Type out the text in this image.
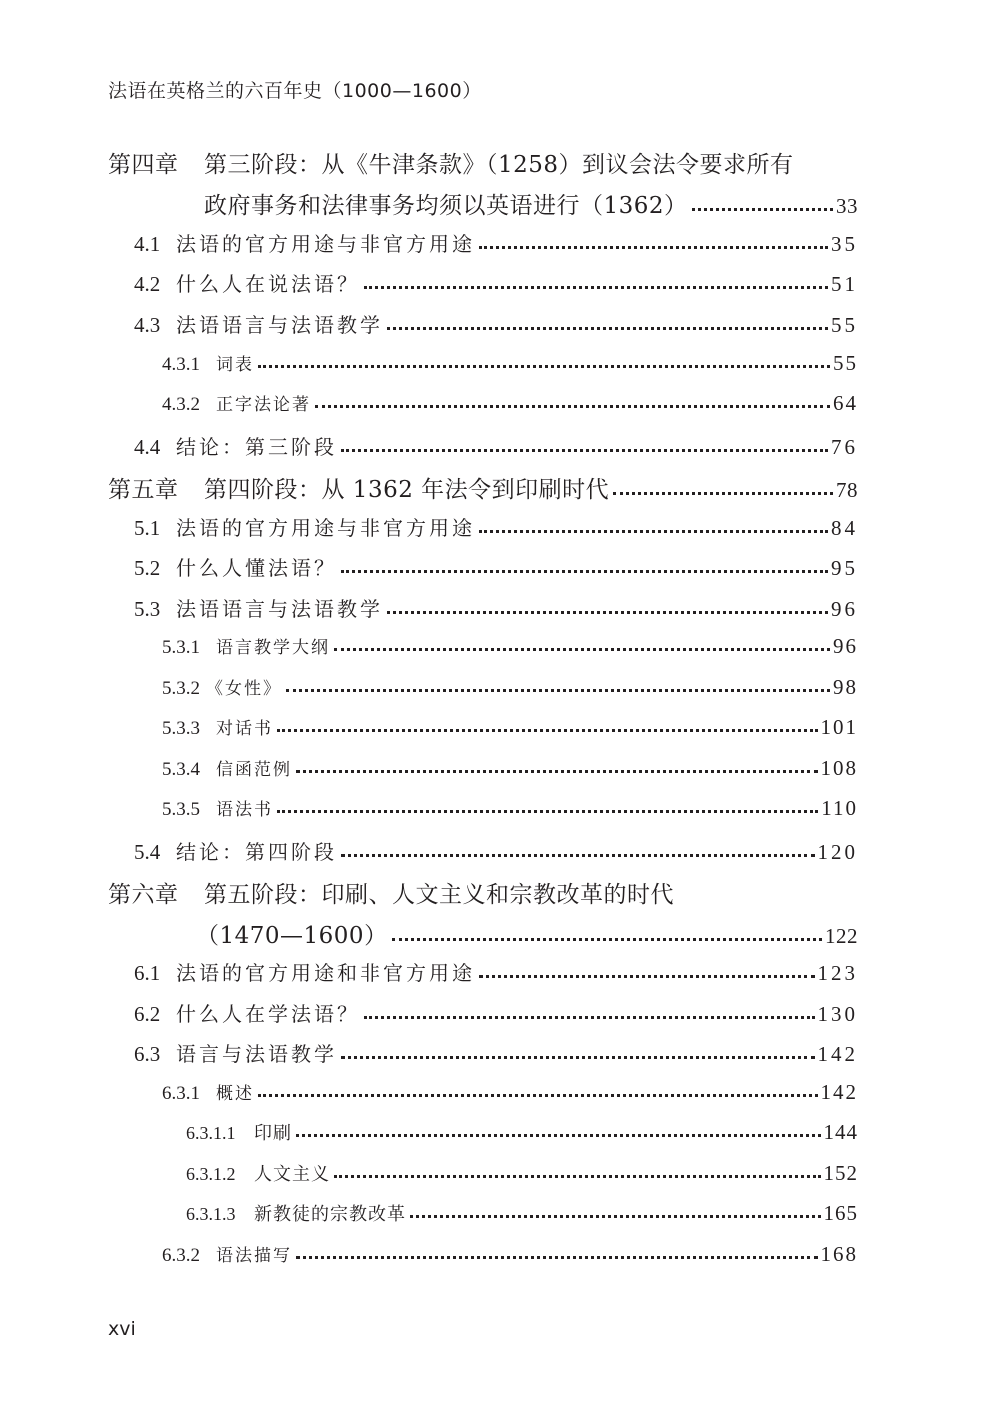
法语在英格兰的六百年史（1000—1600）
第四章	第三阶段：从《牛津条款》（1258）到议会法令要求所有
政府事务和法律事务均须以英语进行（1362）	33
4.1 法语的官方用途与非官方用途	35
4.2 什么人在说法语？	51
4.3 法语语言与法语教学	55
4.3.1 词表	55
4.3.2 正字法论著	64
4.4 结论：第三阶段	76
第五章	第四阶段：从 1362 年法令到印刷时代	78
5.1 法语的官方用途与非官方用途	84
5.2 什么人懂法语？	95
5.3 法语语言与法语教学	96
5.3.1 语言教学大纲	96
5.3.2 《女性》	98
5.3.3 对话书	101
5.3.4 信函范例	108
5.3.5 语法书	110
5.4 结论：第四阶段	120
第六章	第五阶段：印刷、人文主义和宗教改革的时代
（1470—1600）	122
6.1 法语的官方用途和非官方用途	123
6.2 什么人在学法语？	130
6.3 语言与法语教学	142
6.3.1 概述	142
6.3.1.1	印刷	144
6.3.1.2	人文主义	152
6.3.1.3	新教徒的宗教改革	165
6.3.2 语法描写	168
xvi
